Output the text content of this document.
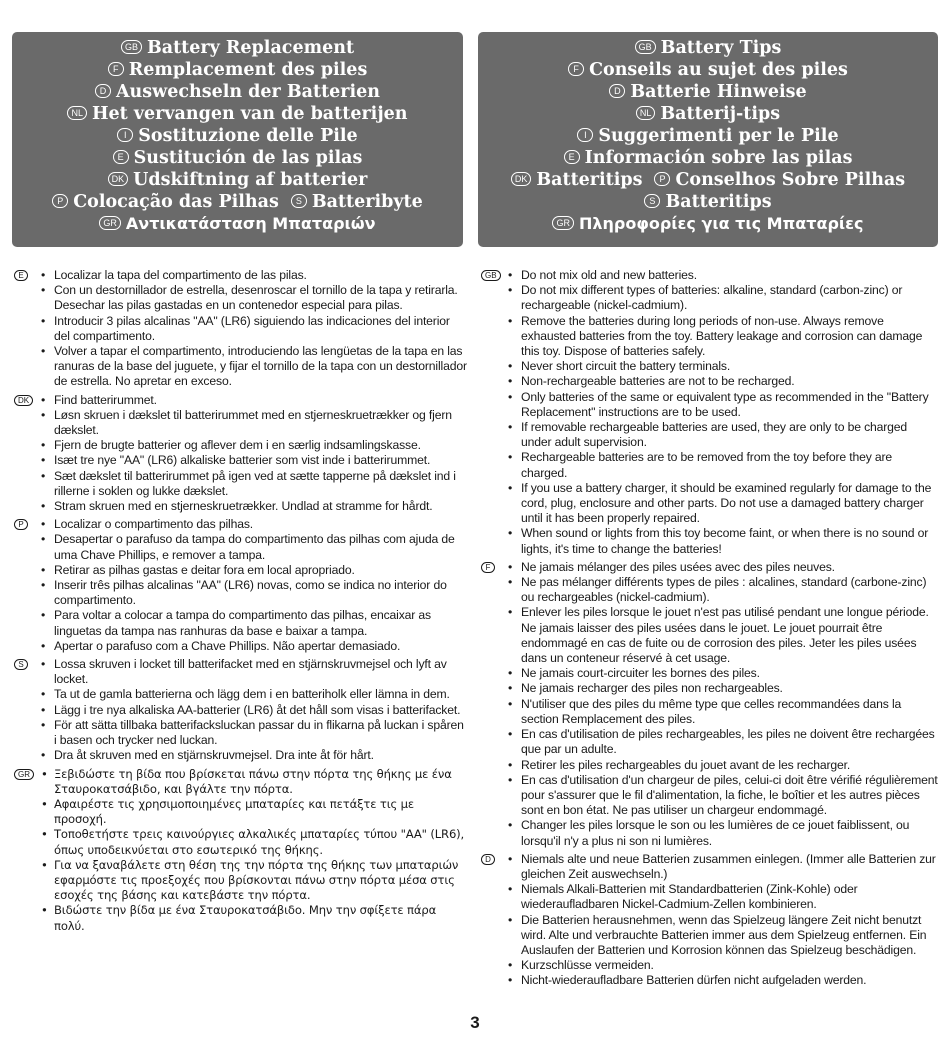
GB Battery Replacement
F Remplacement des piles
D Auswechseln der Batterien
NL Het vervangen van de batterijen
I Sostituzione delle Pile
E Sustitución de las pilas
DK Udskiftning af batterier
P Colocação das Pilhas S Batteribyte
GR Αντικατάσταση Μπαταριών
GB Battery Tips
F Conseils au sujet des piles
D Batterie Hinweise
NL Batterij-tips
I Suggerimenti per le Pile
E Información sobre las pilas
DK Batteritips P Conselhos Sobre Pilhas
S Batteritips
GR Πληροφορίες για τις Μπαταρίες
E	• Localizar la tapa del compartimento de las pilas.
• Con un destornillador de estrella, desenroscar el tornillo de la tapa y retirarla. Desechar las pilas gastadas en un contenedor especial para pilas.
• Introducir 3 pilas alcalinas "AA" (LR6) siguiendo las indicaciones del interior del compartimento.
• Volver a tapar el compartimento, introduciendo las lengüetas de la tapa en las ranuras de la base del juguete, y fijar el tornillo de la tapa con un destornillador de estrella. No apretar en exceso.
DK	• Find batterirummet.
• Løsn skruen i dækslet til batterirummet med en stjerneskruetrækker og fjern dækslet.
• Fjern de brugte batterier og aflever dem i en særlig indsamlingskasse.
• Isæt tre nye "AA" (LR6) alkaliske batterier som vist inde i batterirummet.
• Sæt dækslet til batterirummet på igen ved at sætte tapperne på dækslet ind i rillerne i soklen og lukke dækslet.
• Stram skruen med en stjerneskruetrækker. Undlad at stramme for hårdt.
P	• Localizar o compartimento das pilhas.
• Desapertar o parafuso da tampa do compartimento das pilhas com ajuda de uma Chave Phillips, e remover a tampa.
• Retirar as pilhas gastas e deitar fora em local apropriado.
• Inserir três pilhas alcalinas "AA" (LR6) novas, como se indica no interior do compartimento.
• Para voltar a colocar a tampa do compartimento das pilhas, encaixar as linguetas da tampa nas ranhuras da base e baixar a tampa.
• Apertar o parafuso com a Chave Phillips. Não apertar demasiado.
S	• Lossa skruven i locket till batterifacket med en stjärnskruvmejsel och lyft av locket.
• Ta ut de gamla batterierna och lägg dem i en batteriholk eller lämna in dem.
• Lägg i tre nya alkaliska AA-batterier (LR6) åt det håll som visas i batterifacket.
• För att sätta tillbaka batterifacksluckan passar du in flikarna på luckan i spåren i basen och trycker ned luckan.
• Dra åt skruven med en stjärnskruvmejsel. Dra inte åt för hårt.
GR	• Ξεβιδώστε τη βίδα που βρίσκεται πάνω στην πόρτα της θήκης με ένα Σταυροκατσάβιδο, και βγάλτε την πόρτα.
• Αφαιρέστε τις χρησιμοποιημένες μπαταρίες και πετάξτε τις με προσοχή.
• Τοποθετήστε τρεις καινούργιες αλκαλικές μπαταρίες τύπου "AA" (LR6), όπως υποδεικνύεται στο εσωτερικό της θήκης.
• Για να ξαναβάλετε στη θέση της την πόρτα της θήκης των μπαταριών εφαρμόστε τις προεξοχές που βρίσκονται πάνω στην πόρτα μέσα στις εσοχές της βάσης και κατεβάστε την πόρτα.
• Βιδώστε την βίδα με ένα Σταυροκατσάβιδο. Μην την σφίξετε πάρα πολύ.
GB	• Do not mix old and new batteries.
• Do not mix different types of batteries: alkaline, standard (carbon-zinc) or rechargeable (nickel-cadmium).
• Remove the batteries during long periods of non-use. Always remove exhausted batteries from the toy. Battery leakage and corrosion can damage this toy. Dispose of batteries safely.
• Never short circuit the battery terminals.
• Non-rechargeable batteries are not to be recharged.
• Only batteries of the same or equivalent type as recommended in the "Battery Replacement" instructions are to be used.
• If removable rechargeable batteries are used, they are only to be charged under adult supervision.
• Rechargeable batteries are to be removed from the toy before they are charged.
• If you use a battery charger, it should be examined regularly for damage to the cord, plug, enclosure and other parts. Do not use a damaged battery charger until it has been properly repaired.
• When sound or lights from this toy become faint, or when there is no sound or lights, it's time to change the batteries!
F	• Ne jamais mélanger des piles usées avec des piles neuves.
• Ne pas mélanger différents types de piles : alcalines, standard (carbone-zinc) ou rechargeables (nickel-cadmium).
• Enlever les piles lorsque le jouet n'est pas utilisé pendant une longue période. Ne jamais laisser des piles usées dans le jouet. Le jouet pourrait être endommagé en cas de fuite ou de corrosion des piles. Jeter les piles usées dans un conteneur réservé à cet usage.
• Ne jamais court-circuiter les bornes des piles.
• Ne jamais recharger des piles non rechargeables.
• N'utiliser que des piles du même type que celles recommandées dans la section Remplacement des piles.
• En cas d'utilisation de piles rechargeables, les piles ne doivent être rechargées que par un adulte.
• Retirer les piles rechargeables du jouet avant de les recharger.
• En cas d'utilisation d'un chargeur de piles, celui-ci doit être vérifié régulièrement pour s'assurer que le fil d'alimentation, la fiche, le boîtier et les autres pièces sont en bon état. Ne pas utiliser un chargeur endommagé.
• Changer les piles lorsque le son ou les lumières de ce jouet faiblissent, ou lorsqu'il n'y a plus ni son ni lumières.
D	• Niemals alte und neue Batterien zusammen einlegen. (Immer alle Batterien zur gleichen Zeit auswechseln.)
• Niemals Alkali-Batterien mit Standardbatterien (Zink-Kohle) oder wiederaufladbaren Nickel-Cadmium-Zellen kombinieren.
• Die Batterien herausnehmen, wenn das Spielzeug längere Zeit nicht benutzt wird. Alte und verbrauchte Batterien immer aus dem Spielzeug entfernen. Ein Auslaufen der Batterien und Korrosion können das Spielzeug beschädigen.
• Kurzschlüsse vermeiden.
• Nicht-wiederaufladbare Batterien dürfen nicht aufgeladen werden.
3
